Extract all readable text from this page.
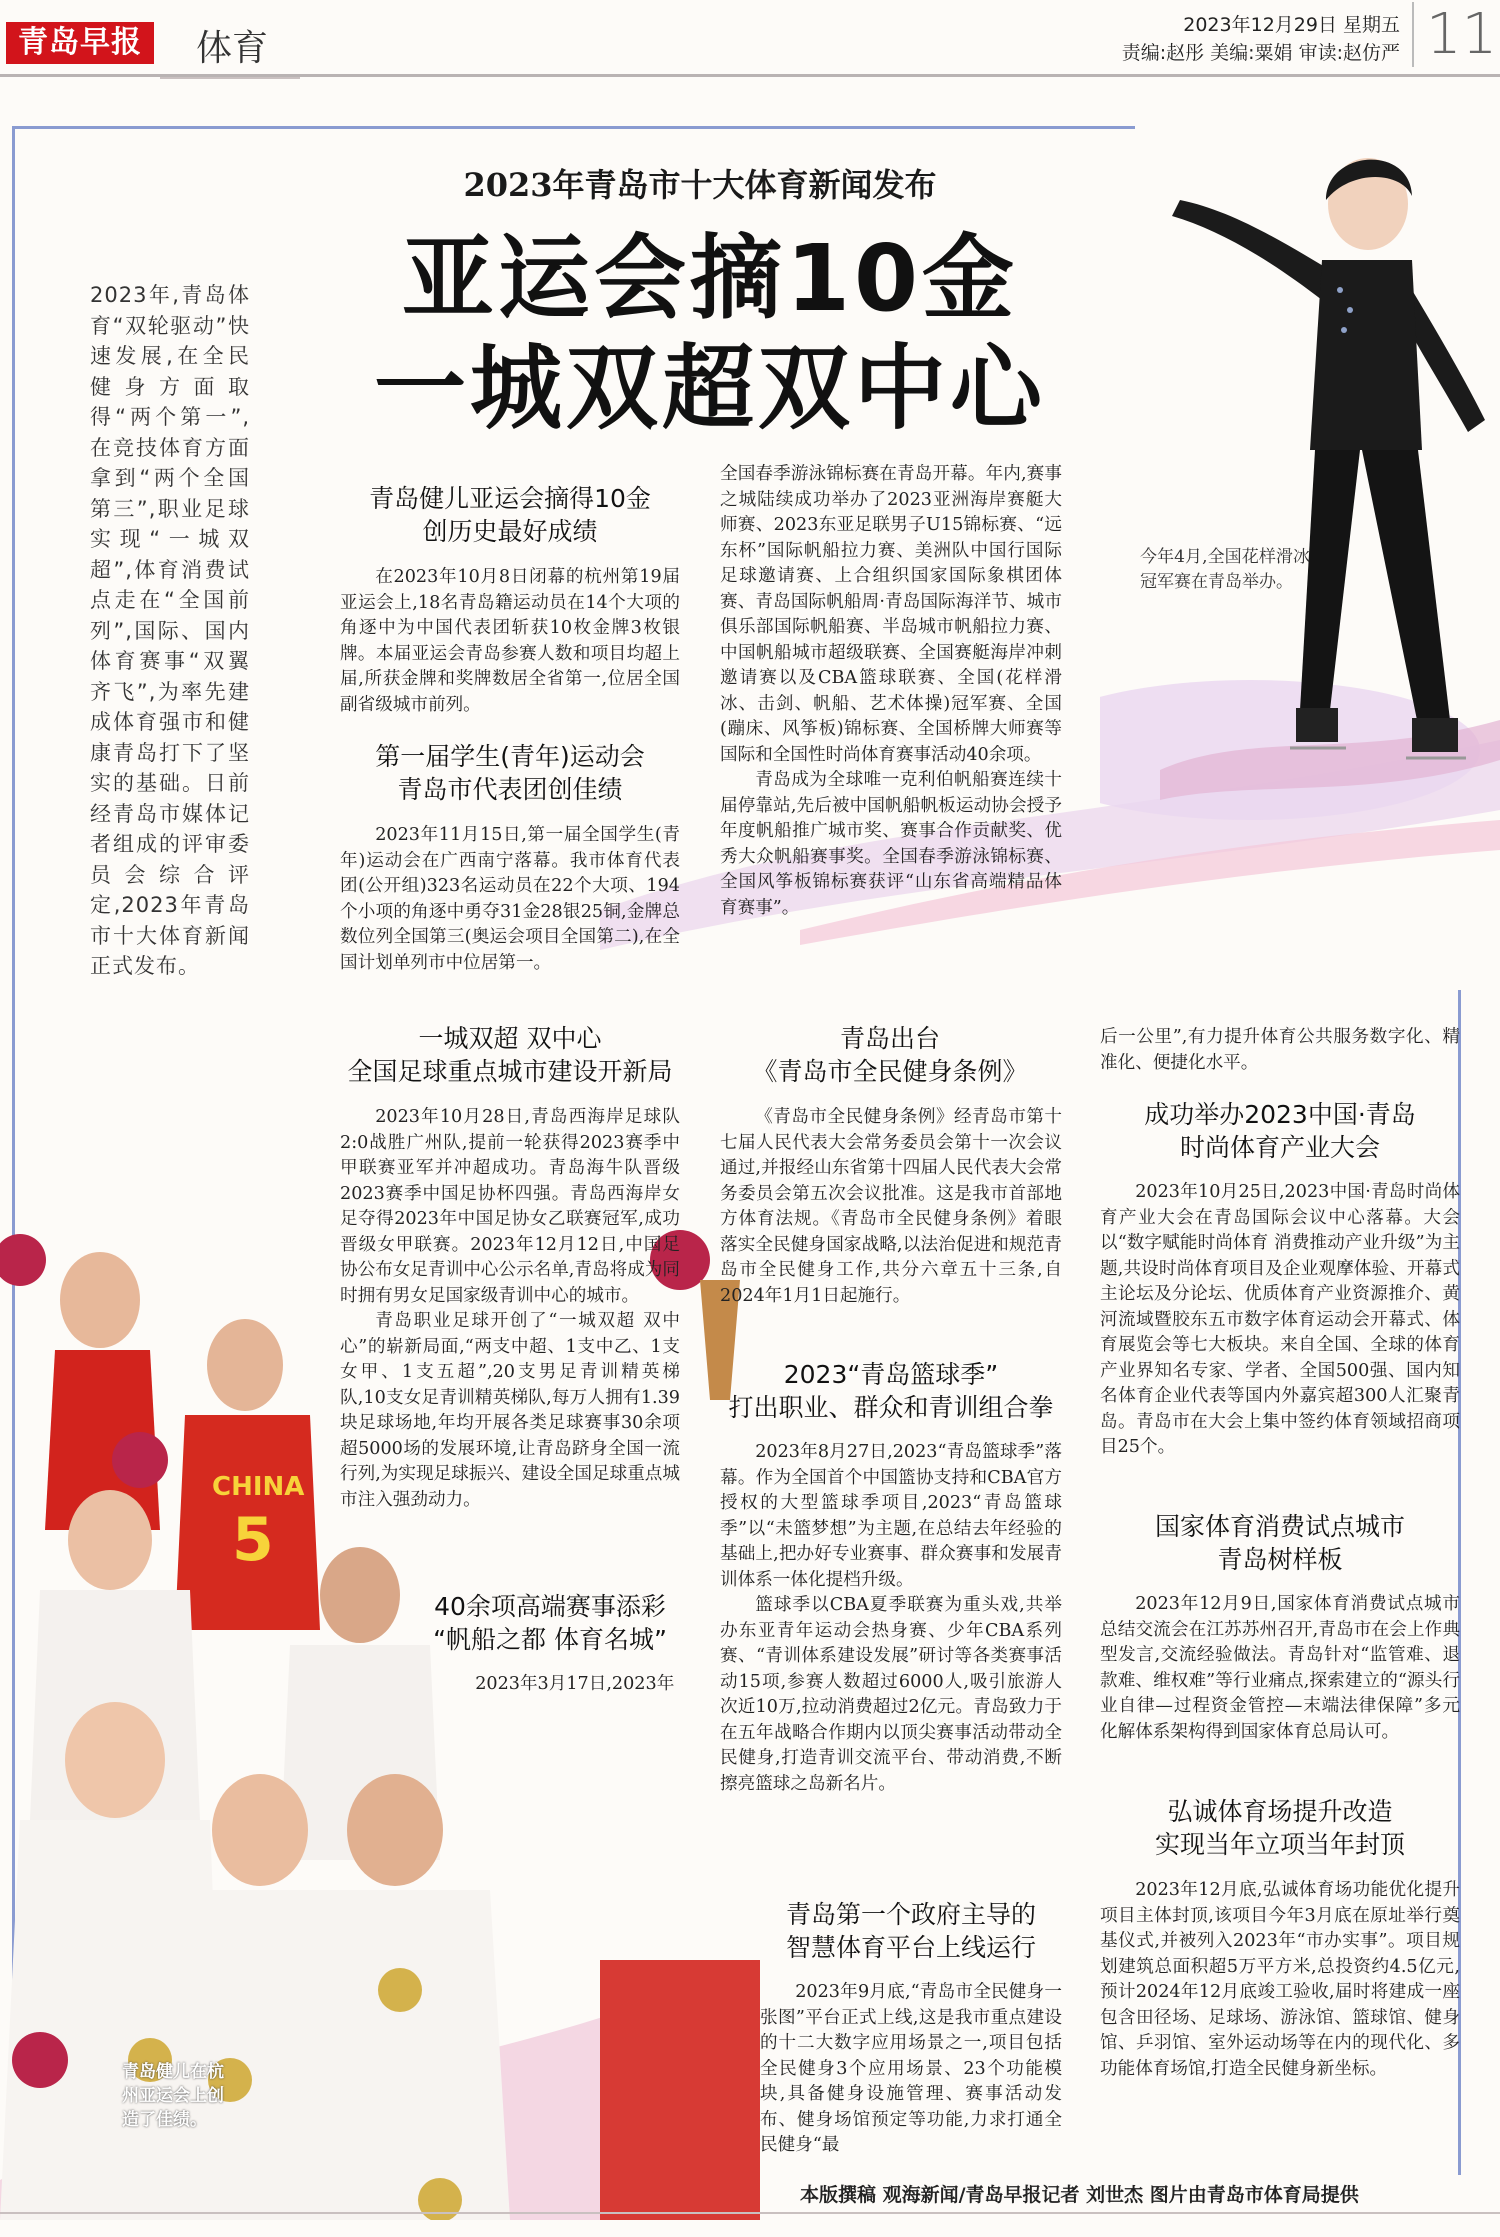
青岛早报	体育
2023年12月29日 星期五
责编:赵彤 美编:粟娟 审读:赵仿严 11
今年4月,全国花样滑冰冠军赛在青岛举办。
CHINA
5
青岛健儿在杭州亚运会上创造了佳绩。
2023年青岛市十大体育新闻发布
亚运会摘10金
一城双超双中心
2023年,青岛体育“双轮驱动”快速发展,在全民健身方面取得“两个第一”,在竞技体育方面拿到“两个全国第三”,职业足球实现“一城双超”,体育消费试点走在“全国前列”,国际、国内体育赛事“双翼齐飞”,为率先建成体育强市和健康青岛打下了坚实的基础。日前经青岛市媒体记者组成的评审委员会综合评定,2023年青岛市十大体育新闻正式发布。
青岛健儿亚运会摘得10金
创历史最好成绩

在2023年10月8日闭幕的杭州第19届亚运会上,18名青岛籍运动员在14个大项的角逐中为中国代表团斩获10枚金牌3枚银牌。本届亚运会青岛参赛人数和项目均超上届,所获金牌和奖牌数居全省第一,位居全国副省级城市前列。

第一届学生(青年)运动会
青岛市代表团创佳绩

2023年11月15日,第一届全国学生(青年)运动会在广西南宁落幕。我市体育代表团(公开组)323名运动员在22个大项、194个小项的角逐中勇夺31金28银25铜,金牌总数位列全国第三(奥运会项目全国第二),在全国计划单列市中位居第一。

全国春季游泳锦标赛在青岛开幕。年内,赛事之城陆续成功举办了2023亚洲海岸赛艇大师赛、2023东亚足联男子U15锦标赛、“远东杯”国际帆船拉力赛、美洲队中国行国际足球邀请赛、上合组织国家国际象棋团体赛、青岛国际帆船周·青岛国际海洋节、城市俱乐部国际帆船赛、半岛城市帆船拉力赛、中国帆船城市超级联赛、全国赛艇海岸冲刺邀请赛以及CBA篮球联赛、全国(花样滑冰、击剑、帆船、艺术体操)冠军赛、全国(蹦床、风筝板)锦标赛、全国桥牌大师赛等国际和全国性时尚体育赛事活动40余项。

青岛成为全球唯一克利伯帆船赛连续十届停靠站,先后被中国帆船帆板运动协会授予年度帆船推广城市奖、赛事合作贡献奖、优秀大众帆船赛事奖。全国春季游泳锦标赛、全国风筝板锦标赛获评“山东省高端精品体育赛事”。

一城双超 双中心
全国足球重点城市建设开新局

2023年10月28日,青岛西海岸足球队2:0战胜广州队,提前一轮获得2023赛季中甲联赛亚军并冲超成功。青岛海牛队晋级2023赛季中国足协杯四强。青岛西海岸女足夺得2023年中国足协女乙联赛冠军,成功晋级女甲联赛。2023年12月12日,中国足协公布女足青训中心公示名单,青岛将成为同时拥有男女足国家级青训中心的城市。

青岛职业足球开创了“一城双超 双中心”的崭新局面,“两支中超、1支中乙、1支女甲、1支五超”,20支男足青训精英梯队,10支女足青训精英梯队,每万人拥有1.39块足球场地,年均开展各类足球赛事30余项超5000场的发展环境,让青岛跻身全国一流行列,为实现足球振兴、建设全国足球重点城市注入强劲动力。

40余项高端赛事添彩
“帆船之都 体育名城”

2023年3月17日,2023年

青岛出台
《青岛市全民健身条例》

《青岛市全民健身条例》经青岛市第十七届人民代表大会常务委员会第十一次会议通过,并报经山东省第十四届人民代表大会常务委员会第五次会议批准。这是我市首部地方体育法规。《青岛市全民健身条例》着眼落实全民健身国家战略,以法治促进和规范青岛市全民健身工作,共分六章五十三条,自2024年1月1日起施行。

2023“青岛篮球季”
打出职业、群众和青训组合拳

2023年8月27日,2023“青岛篮球季”落幕。作为全国首个中国篮协支持和CBA官方授权的大型篮球季项目,2023“青岛篮球季”以“未篮梦想”为主题,在总结去年经验的基础上,把办好专业赛事、群众赛事和发展青训体系一体化提档升级。

篮球季以CBA夏季联赛为重头戏,共举办东亚青年运动会热身赛、少年CBA系列赛、“青训体系建设发展”研讨等各类赛事活动15项,参赛人数超过6000人,吸引旅游人次近10万,拉动消费超过2亿元。青岛致力于在五年战略合作期内以顶尖赛事活动带动全民健身,打造青训交流平台、带动消费,不断擦亮篮球之岛新名片。

青岛第一个政府主导的
智慧体育平台上线运行

2023年9月底,“青岛市全民健身一张图”平台正式上线,这是我市重点建设的十二大数字应用场景之一,项目包括全民健身3个应用场景、23个功能模块,具备健身设施管理、赛事活动发布、健身场馆预定等功能,力求打通全民健身“最

后一公里”,有力提升体育公共服务数字化、精准化、便捷化水平。

成功举办2023中国·青岛
时尚体育产业大会

2023年10月25日,2023中国·青岛时尚体育产业大会在青岛国际会议中心落幕。大会以“数字赋能时尚体育 消费推动产业升级”为主题,共设时尚体育项目及企业观摩体验、开幕式主论坛及分论坛、优质体育产业资源推介、黄河流域暨胶东五市数字体育运动会开幕式、体育展览会等七大板块。来自全国、全球的体育产业界知名专家、学者、全国500强、国内知名体育企业代表等国内外嘉宾超300人汇聚青岛。青岛市在大会上集中签约体育领域招商项目25个。

国家体育消费试点城市
青岛树样板

2023年12月9日,国家体育消费试点城市总结交流会在江苏苏州召开,青岛市在会上作典型发言,交流经验做法。青岛针对“监管难、退款难、维权难”等行业痛点,探索建立的“源头行业自律—过程资金管控—末端法律保障”多元化解体系架构得到国家体育总局认可。

弘诚体育场提升改造
实现当年立项当年封顶

2023年12月底,弘诚体育场功能优化提升项目主体封顶,该项目今年3月底在原址举行奠基仪式,并被列入2023年“市办实事”。项目规划建筑总面积超5万平方米,总投资约4.5亿元,预计2024年12月底竣工验收,届时将建成一座包含田径场、足球场、游泳馆、篮球馆、健身馆、乒羽馆、室外运动场等在内的现代化、多功能体育场馆,打造全民健身新坐标。

本版撰稿 观海新闻/青岛早报记者 刘世杰 图片由青岛市体育局提供
